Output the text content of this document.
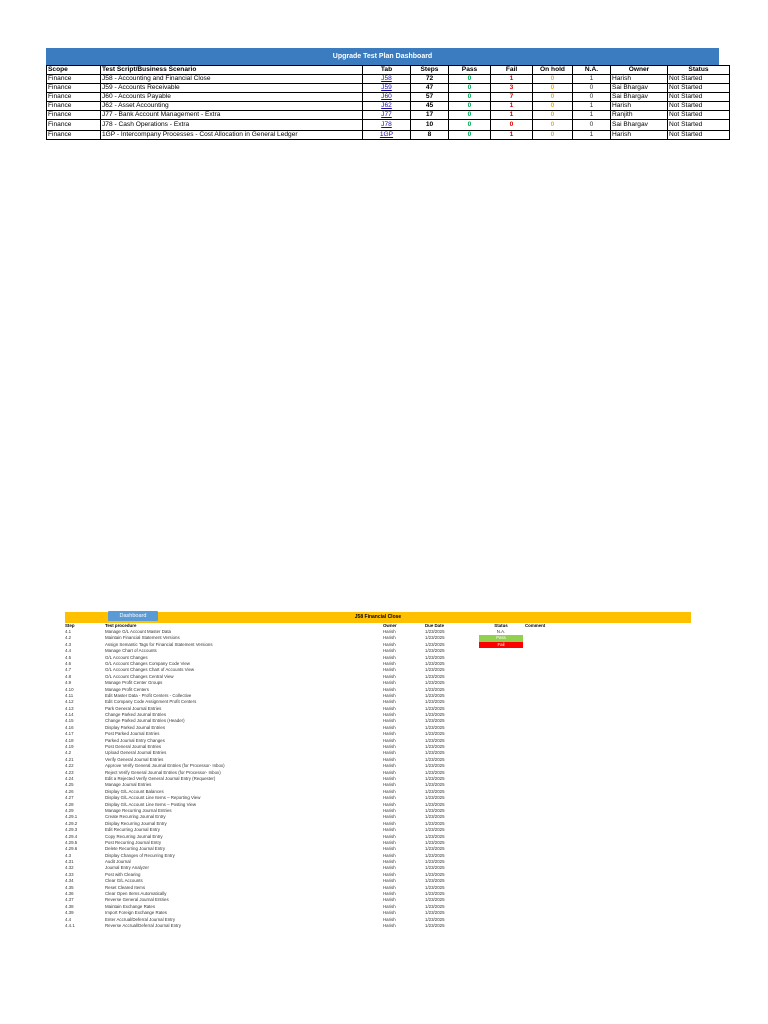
Upgrade Test Plan Dashboard
Scope	Test Script/Business Scenario	Tab	Steps	Pass	Fail	On hold	N.A.	Owner	Status
Finance	J58 - Accounting and Financial Close	J58	72	0	1	0	1	Harish	Not Started
Finance	J59 - Accounts Receivable	J59	47	0	3	0	0	Sai Bhargav	Not Started
Finance	J60 - Accounts Payable	J60	57	0	7	0	0	Sai Bhargav	Not Started
Finance	J62 - Asset Accounting	J62	45	0	1	0	1	Harish	Not Started
Finance	J77 - Bank Account Management - Extra	J77	17	0	1	0	1	Ranjith	Not Started
Finance	J78 - Cash Operations - Extra	J78	10	0	0	0	0	Sai Bhargav	Not Started
Finance	1GP - Intercompany Processes - Cost Allocation in General Ledger	1GP	8	0	1	0	1	Harish	Not Started
J58 Financial Close
Dashboard
Step	Test procedure	Owner	Due Date	Status	Comment
4.1	Manage G/L Account Master Data	Harish	1/23/2025	N.A.
4.2	Maintain Financial Statement Versions	Harish	1/23/2025	Pass
4.3	Assign Semantic Tags for Financial Statement Versions	Harish	1/23/2025	Fail
4.4	Manage Chart of Accounts	Harish	1/23/2025
4.5	G/L Account Changes	Harish	1/23/2025
4.6	G/L Account Changes Company Code View	Harish	1/23/2025
4.7	G/L Account Changes Chart of Accounts View	Harish	1/23/2025
4.8	G/L Account Changes Central View	Harish	1/23/2025
4.9	Manage Profit Center Groups	Harish	1/23/2025
4.10	Manage Profit Centers	Harish	1/23/2025
4.11	Edit Master Data - Profit Centers - Collective	Harish	1/23/2025
4.12	Edit Company Code Assignment Profit Centers	Harish	1/23/2025
4.13	Park General Journal Entries	Harish	1/23/2025
4.14	Change Parked Journal Entries	Harish	1/23/2025
4.15	Change Parked Journal Entries (Header)	Harish	1/23/2025
4.16	Display Parked Journal Entries	Harish	1/23/2025
4.17	Post Parked Journal Entries	Harish	1/23/2025
4.18	Parked Journal Entry Changes	Harish	1/23/2025
4.19	Post General Journal Entries	Harish	1/23/2025
4.2	Upload General Journal Entries	Harish	1/23/2025
4.21	Verify General Journal Entries	Harish	1/23/2025
4.22	Approve Verify General Journal Entries (for Processor- Inbox)	Harish	1/23/2025
4.23	Reject Verify General Journal Entries (for Processor- Inbox)	Harish	1/23/2025
4.24	Edit a Rejected Verify General Journal Entry (Requester)	Harish	1/23/2025
4.25	Manage Journal Entries	Harish	1/23/2025
4.26	Display G/L Account Balances	Harish	1/23/2025
4.27	Display G/L Account Line Items – Reporting View	Harish	1/23/2025
4.28	Display G/L Account Line Items – Posting View	Harish	1/23/2025
4.29	Manage Recurring Journal Entries	Harish	1/23/2025
4.29.1	Create Recurring Journal Entry	Harish	1/23/2025
4.29.2	Display Recurring Journal Entry	Harish	1/23/2025
4.29.3	Edit Recurring Journal Entry	Harish	1/23/2025
4.29.4	Copy Recurring Journal Entry	Harish	1/23/2025
4.29.5	Post Recurring Journal Entry	Harish	1/23/2025
4.29.6	Delete Recurring Journal Entry	Harish	1/23/2025
4.3	Display Changes of Recurring Entry	Harish	1/23/2025
4.31	Audit Journal	Harish	1/23/2025
4.32	Journal Entry Analyzer	Harish	1/23/2025
4.33	Post with Clearing	Harish	1/23/2025
4.34	Clear G/L Accounts	Harish	1/23/2025
4.35	Reset Cleared Items	Harish	1/23/2025
4.36	Clear Open Items Automatically	Harish	1/23/2025
4.37	Reverse General Journal Entries	Harish	1/23/2025
4.38	Maintain Exchange Rates	Harish	1/23/2025
4.39	Import Foreign Exchange Rates	Harish	1/23/2025
4.4	Enter Accrual/Deferral Journal Entry	Harish	1/23/2025
4.4.1	Reverse Accrual/Deferral Journal Entry	Harish	1/23/2025
